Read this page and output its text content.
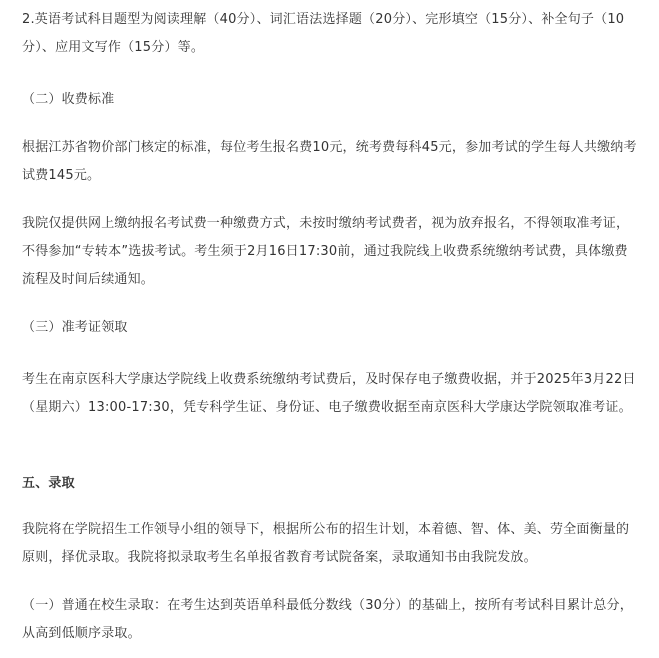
2.英语考试科目题型为阅读理解（40分）、词汇语法选择题（20分）、完形填空（15分）、补全句子（10分）、应用文写作（15分）等。

（二）收费标准

根据江苏省物价部门核定的标准，每位考生报名费10元，统考费每科45元，参加考试的学生每人共缴纳考试费145元。

我院仅提供网上缴纳报名考试费一种缴费方式，未按时缴纳考试费者，视为放弃报名，不得领取准考证，不得参加“专转本”选拔考试。考生须于2月16日17:30前，通过我院线上收费系统缴纳考试费，具体缴费流程及时间后续通知。

（三）准考证领取

考生在南京医科大学康达学院线上收费系统缴纳考试费后，及时保存电子缴费收据，并于2025年3月22日（星期六）13:00-17:30，凭专科学生证、身份证、电子缴费收据至南京医科大学康达学院领取准考证。

五、录取

我院将在学院招生工作领导小组的领导下，根据所公布的招生计划，本着德、智、体、美、劳全面衡量的原则，择优录取。我院将拟录取考生名单报省教育考试院备案，录取通知书由我院发放。

（一）普通在校生录取：在考生达到英语单科最低分数线（30分）的基础上，按所有考试科目累计总分，从高到低顺序录取。
